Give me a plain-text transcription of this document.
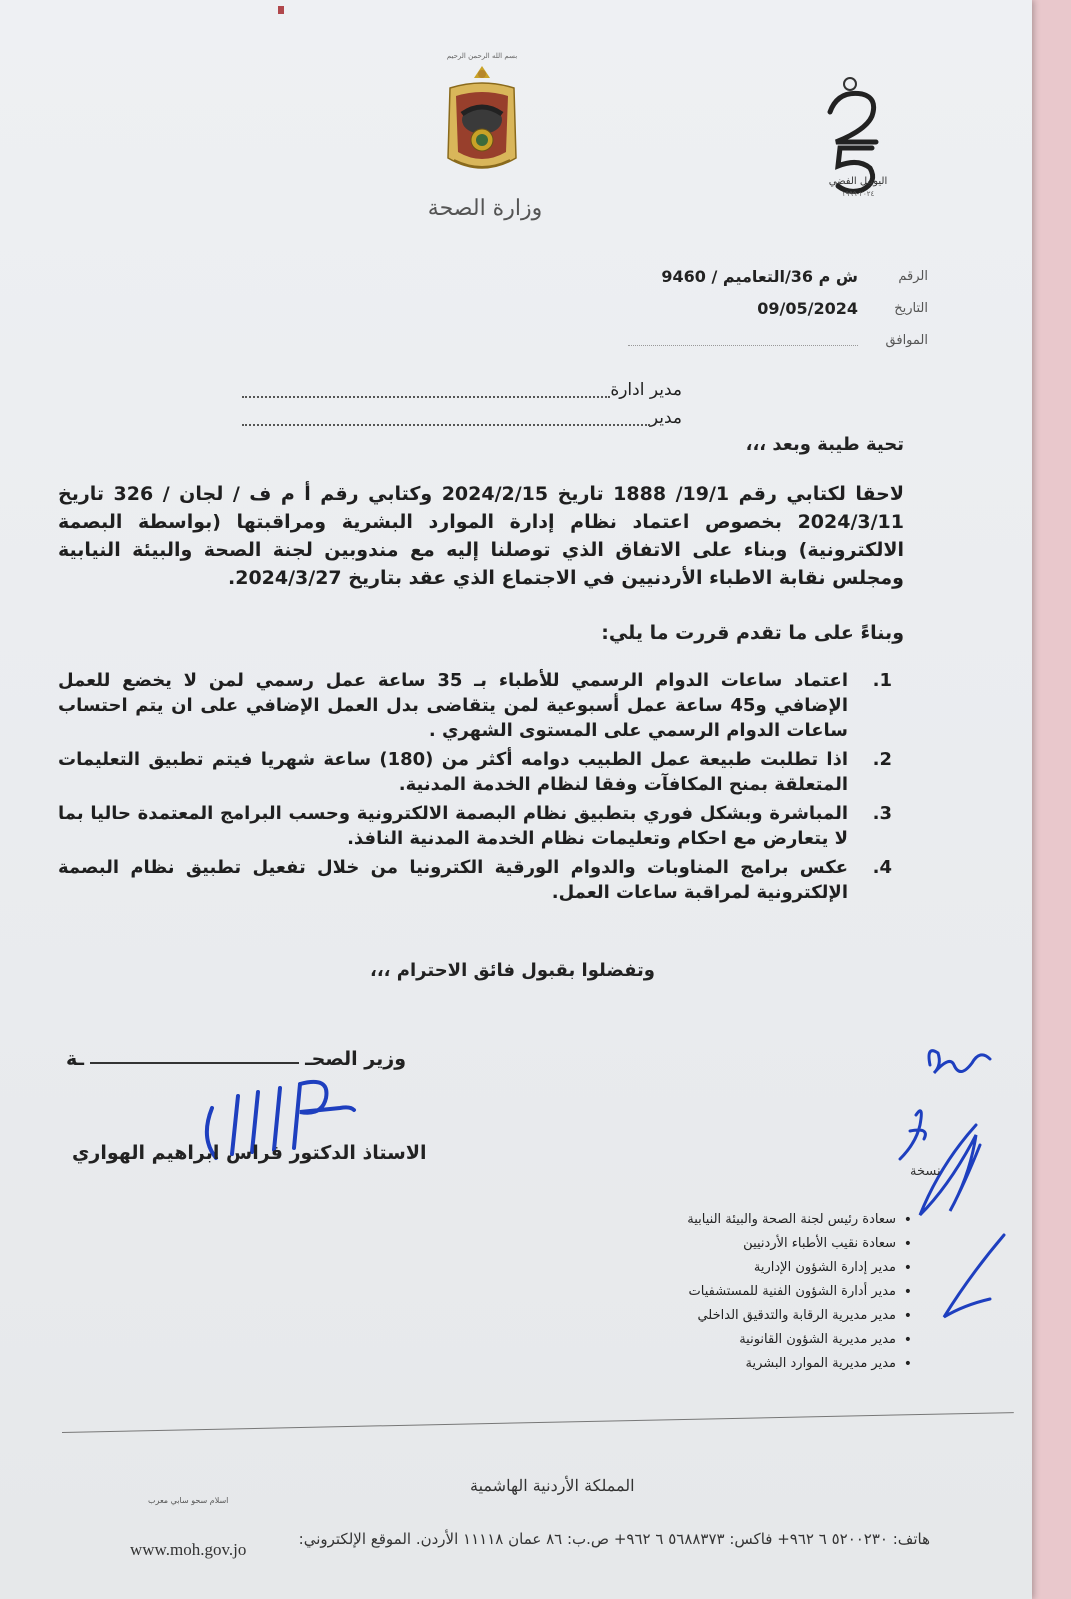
بسم الله الرحمن الرحيم
وزارة الصحة
اليوبيل الفضي
٢٠٢٤-١٩٩٩
الرقم
ش م 36/التعاميم / 9460
التاريخ
09/05/2024
الموافق
مدير ادارة
مدير
تحية طيبة وبعد ،،،
لاحقا لكتابي رقم 19/1/ 1888 تاريخ 2024/2/15 وكتابي رقم أ م ف / لجان / 326 تاريخ 2024/3/11 بخصوص اعتماد نظام إدارة الموارد البشرية ومراقبتها (بواسطة البصمة الالكترونية) وبناء على الاتفاق الذي توصلنا إليه مع مندوبين لجنة الصحة والبيئة النيابية ومجلس نقابة الاطباء الأردنيين في الاجتماع الذي عقد بتاريخ 2024/3/27.
وبناءً على ما تقدم قررت ما يلي:
1.
اعتماد ساعات الدوام الرسمي للأطباء بـ 35 ساعة عمل رسمي لمن لا يخضع للعمل الإضافي و45 ساعة عمل أسبوعية لمن يتقاضى بدل العمل الإضافي على ان يتم احتساب ساعات الدوام الرسمي على المستوى الشهري .
2.
اذا تطلبت طبيعة عمل الطبيب دوامه أكثر من (180) ساعة شهريا فيتم تطبيق التعليمات المتعلقة بمنح المكافآت وفقا لنظام الخدمة المدنية.
3.
المباشرة وبشكل فوري بتطبيق نظام البصمة الالكترونية وحسب البرامج المعتمدة حاليا بما لا يتعارض مع احكام وتعليمات نظام الخدمة المدنية النافذ.
4.
عكس برامج المناوبات والدوام الورقية الكترونيا من خلال تفعيل تطبيق نظام البصمة الإلكترونية لمراقبة ساعات العمل.
وتفضلوا بقبول فائق الاحترام ،،،
وزير الصحـ
ـة
الاستاذ الدكتور فراس ابراهيم الهواري
نسخة
•
سعادة رئيس لجنة الصحة والبيئة النيابية
•
سعادة نقيب الأطباء الأردنيين
•
مدير إدارة الشؤون الإدارية
•
مدير أدارة الشؤون الفنية للمستشفيات
•
مدير مديرية الرقابة والتدقيق الداخلي
•
مدير مديرية الشؤون القانونية
•
مدير مديرية الموارد البشرية
اسلام سحو سابي معرب
المملكة الأردنية الهاشمية
هاتف: ٥٢٠٠٢٣٠ ٦ ٩٦٢+ فاكس: ٥٦٨٨٣٧٣ ٦ ٩٦٢+ ص.ب: ٨٦ عمان ١١١١٨ الأردن. الموقع الإلكتروني:
www.moh.gov.jo
